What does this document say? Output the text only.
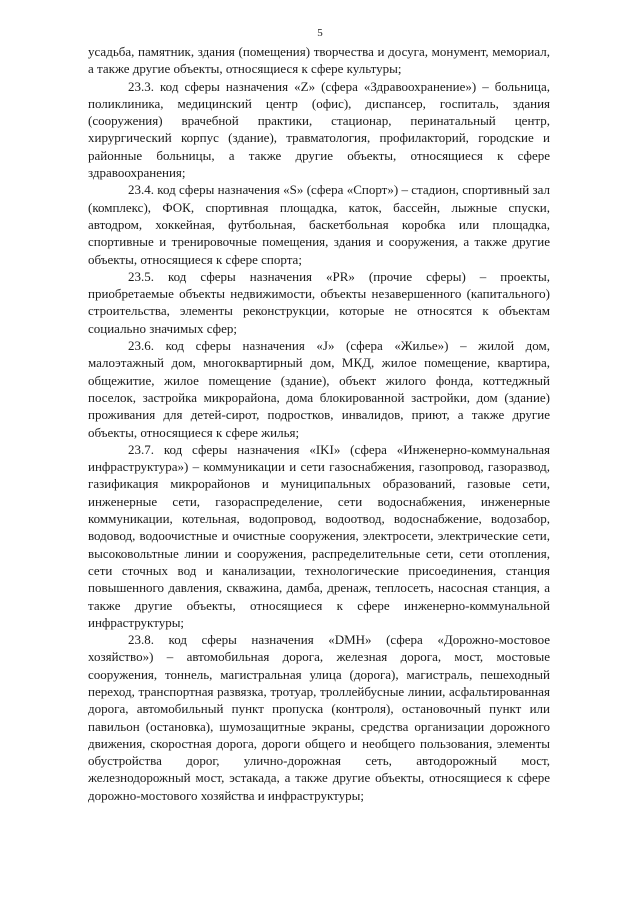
5

усадьба, памятник, здания (помещения) творчества и досуга, монумент, мемориал, а также другие объекты, относящиеся к сфере культуры;

23.3. код сферы назначения «Z» (сфера «Здравоохранение») – больница, поликлиника, медицинский центр (офис), диспансер, госпиталь, здания (сооружения) врачебной практики, стационар, перинатальный центр, хирургический корпус (здание), травматология, профилакторий, городские и районные больницы, а также другие объекты, относящиеся к сфере здравоохранения;

23.4. код сферы назначения «S» (сфера «Спорт») – стадион, спортивный зал (комплекс), ФОК, спортивная площадка, каток, бассейн, лыжные спуски, автодром, хоккейная, футбольная, баскетбольная коробка или площадка, спортивные и тренировочные помещения, здания и сооружения, а также другие объекты, относящиеся к сфере спорта;

23.5. код сферы назначения «PR» (прочие сферы) – проекты, приобретаемые объекты недвижимости, объекты незавершенного (капитального) строительства, элементы реконструкции, которые не относятся к объектам социально значимых сфер;

23.6. код сферы назначения «J» (сфера «Жилье») – жилой дом, малоэтажный дом, многоквартирный дом, МКД, жилое помещение, квартира, общежитие, жилое помещение (здание), объект жилого фонда, коттеджный поселок, застройка микрорайона, дома блокированной застройки, дом (здание) проживания для детей-сирот, подростков, инвалидов, приют, а также другие объекты, относящиеся к сфере жилья;

23.7. код сферы назначения «IKI» (сфера «Инженерно-коммунальная инфраструктура») – коммуникации и сети газоснабжения, газопровод, газоразвод, газификация микрорайонов и муниципальных образований, газовые сети, инженерные сети, газораспределение, сети водоснабжения, инженерные коммуникации, котельная, водопровод, водоотвод, водоснабжение, водозабор, водовод, водоочистные и очистные сооружения, электросети, электрические сети, высоковольтные линии и сооружения, распределительные сети, сети отопления, сети сточных вод и канализации, технологические присоединения, станция повышенного давления, скважина, дамба, дренаж, теплосеть, насосная станция, а также другие объекты, относящиеся к сфере инженерно-коммунальной инфраструктуры;

23.8. код сферы назначения «DMH» (сфера «Дорожно-мостовое хозяйство») – автомобильная дорога, железная дорога, мост, мостовые сооружения, тоннель, магистральная улица (дорога), магистраль, пешеходный переход, транспортная развязка, тротуар, троллейбусные линии, асфальтированная дорога, автомобильный пункт пропуска (контроля), остановочный пункт или павильон (остановка), шумозащитные экраны, средства организации дорожного движения, скоростная дорога, дороги общего и необщего пользования, элементы обустройства дорог, улично-дорожная сеть, автодорожный мост, железнодорожный мост, эстакада, а также другие объекты, относящиеся к сфере дорожно-мостового хозяйства и инфраструктуры;
